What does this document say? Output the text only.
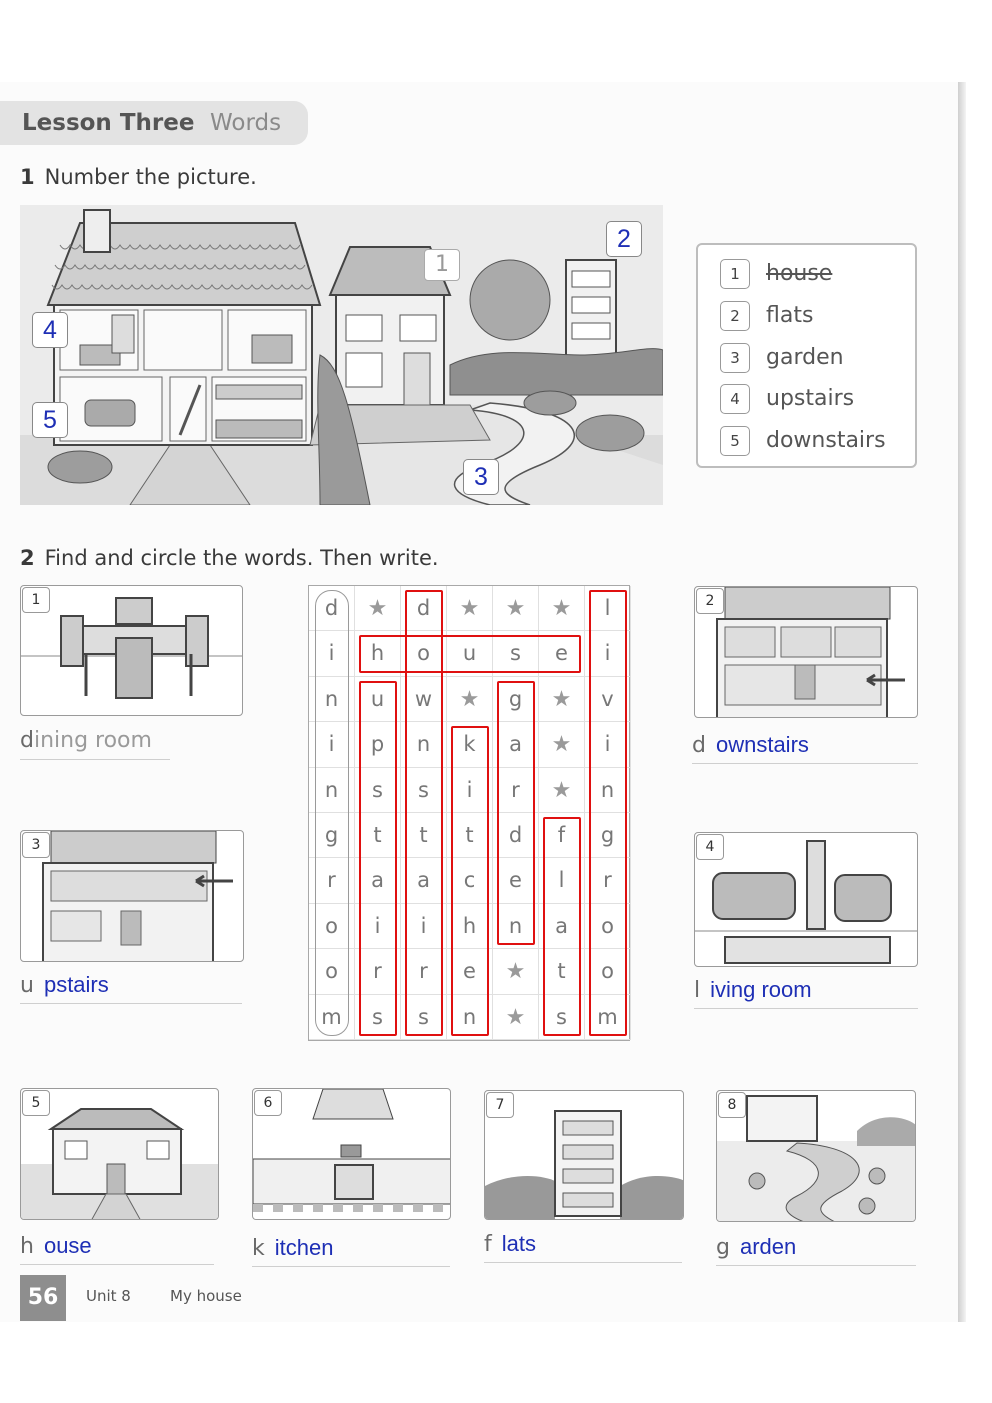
Lesson Three Words
1 Number the picture.
2
1
4
5
3
1	house
2	flats
3	garden
4	upstairs
5	downstairs
2 Find and circle the words. Then write.
1
dining room
2
d ownstairs
3
u pstairs
4
l iving room
d	★	d	★	★	★	l
i	h	o	u	s	e	i
n	u	w	★	g	★	v
i	p	n	k	a	★	i
n	s	s	i	r	★	n
g	t	t	t	d	f	g
r	a	a	c	e	l	r
o	i	i	h	n	a	o
o	r	r	e	★	t	o
m	s	s	n	★	s	m
5
h ouse
6
k itchen
7
f lats
8
g arden
56	Unit 8	My house
